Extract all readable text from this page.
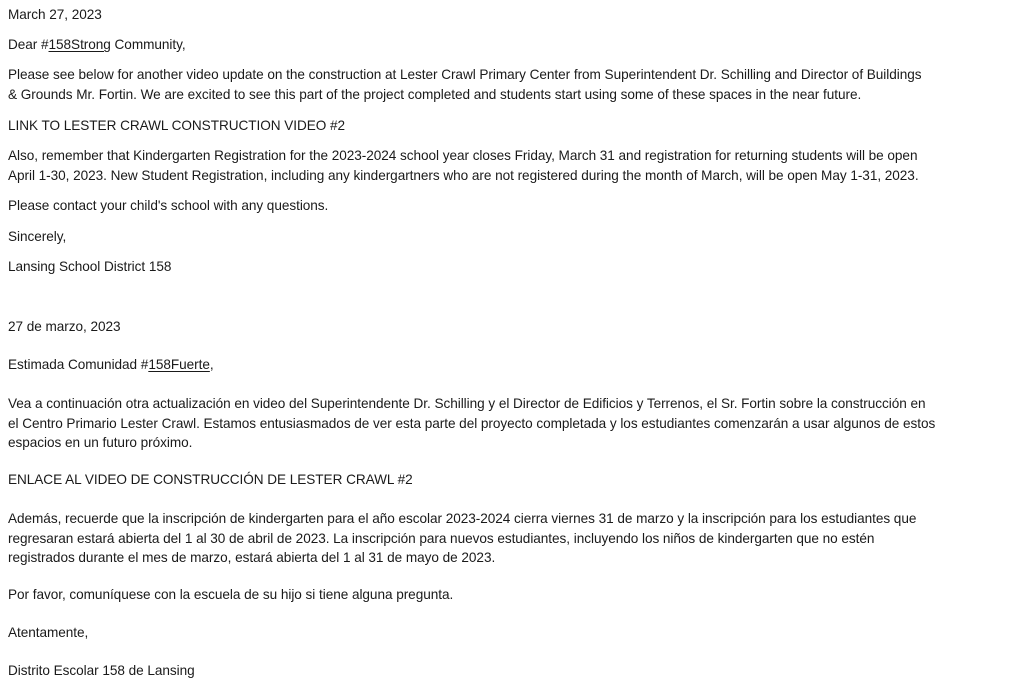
March 27, 2023
Dear #158Strong Community,
Please see below for another video update on the construction at Lester Crawl Primary Center from Superintendent Dr. Schilling and Director of Buildings
& Grounds Mr. Fortin. We are excited to see this part of the project completed and students start using some of these spaces in the near future.
LINK TO LESTER CRAWL CONSTRUCTION VIDEO #2
Also, remember that Kindergarten Registration for the 2023-2024 school year closes Friday, March 31 and registration for returning students will be open
April 1-30, 2023. New Student Registration, including any kindergartners who are not registered during the month of March, will be open May 1-31, 2023.
Please contact your child's school with any questions.
Sincerely,
Lansing School District 158
27 de marzo, 2023
Estimada Comunidad #158Fuerte,
Vea a continuación otra actualización en video del Superintendente Dr. Schilling y el Director de Edificios y Terrenos, el Sr. Fortin sobre la construcción en
el Centro Primario Lester Crawl. Estamos entusiasmados de ver esta parte del proyecto completada y los estudiantes comenzarán a usar algunos de estos
espacios en un futuro próximo.
ENLACE AL VIDEO DE CONSTRUCCIÓN DE LESTER CRAWL #2
Además, recuerde que la inscripción de kindergarten para el año escolar 2023-2024 cierra viernes 31 de marzo y la inscripción para los estudiantes que
regresaran estará abierta del 1 al 30 de abril de 2023. La inscripción para nuevos estudiantes, incluyendo los niños de kindergarten que no estén
registrados durante el mes de marzo, estará abierta del 1 al 31 de mayo de 2023.
Por favor, comuníquese con la escuela de su hijo si tiene alguna pregunta.
Atentamente,
Distrito Escolar 158 de Lansing
